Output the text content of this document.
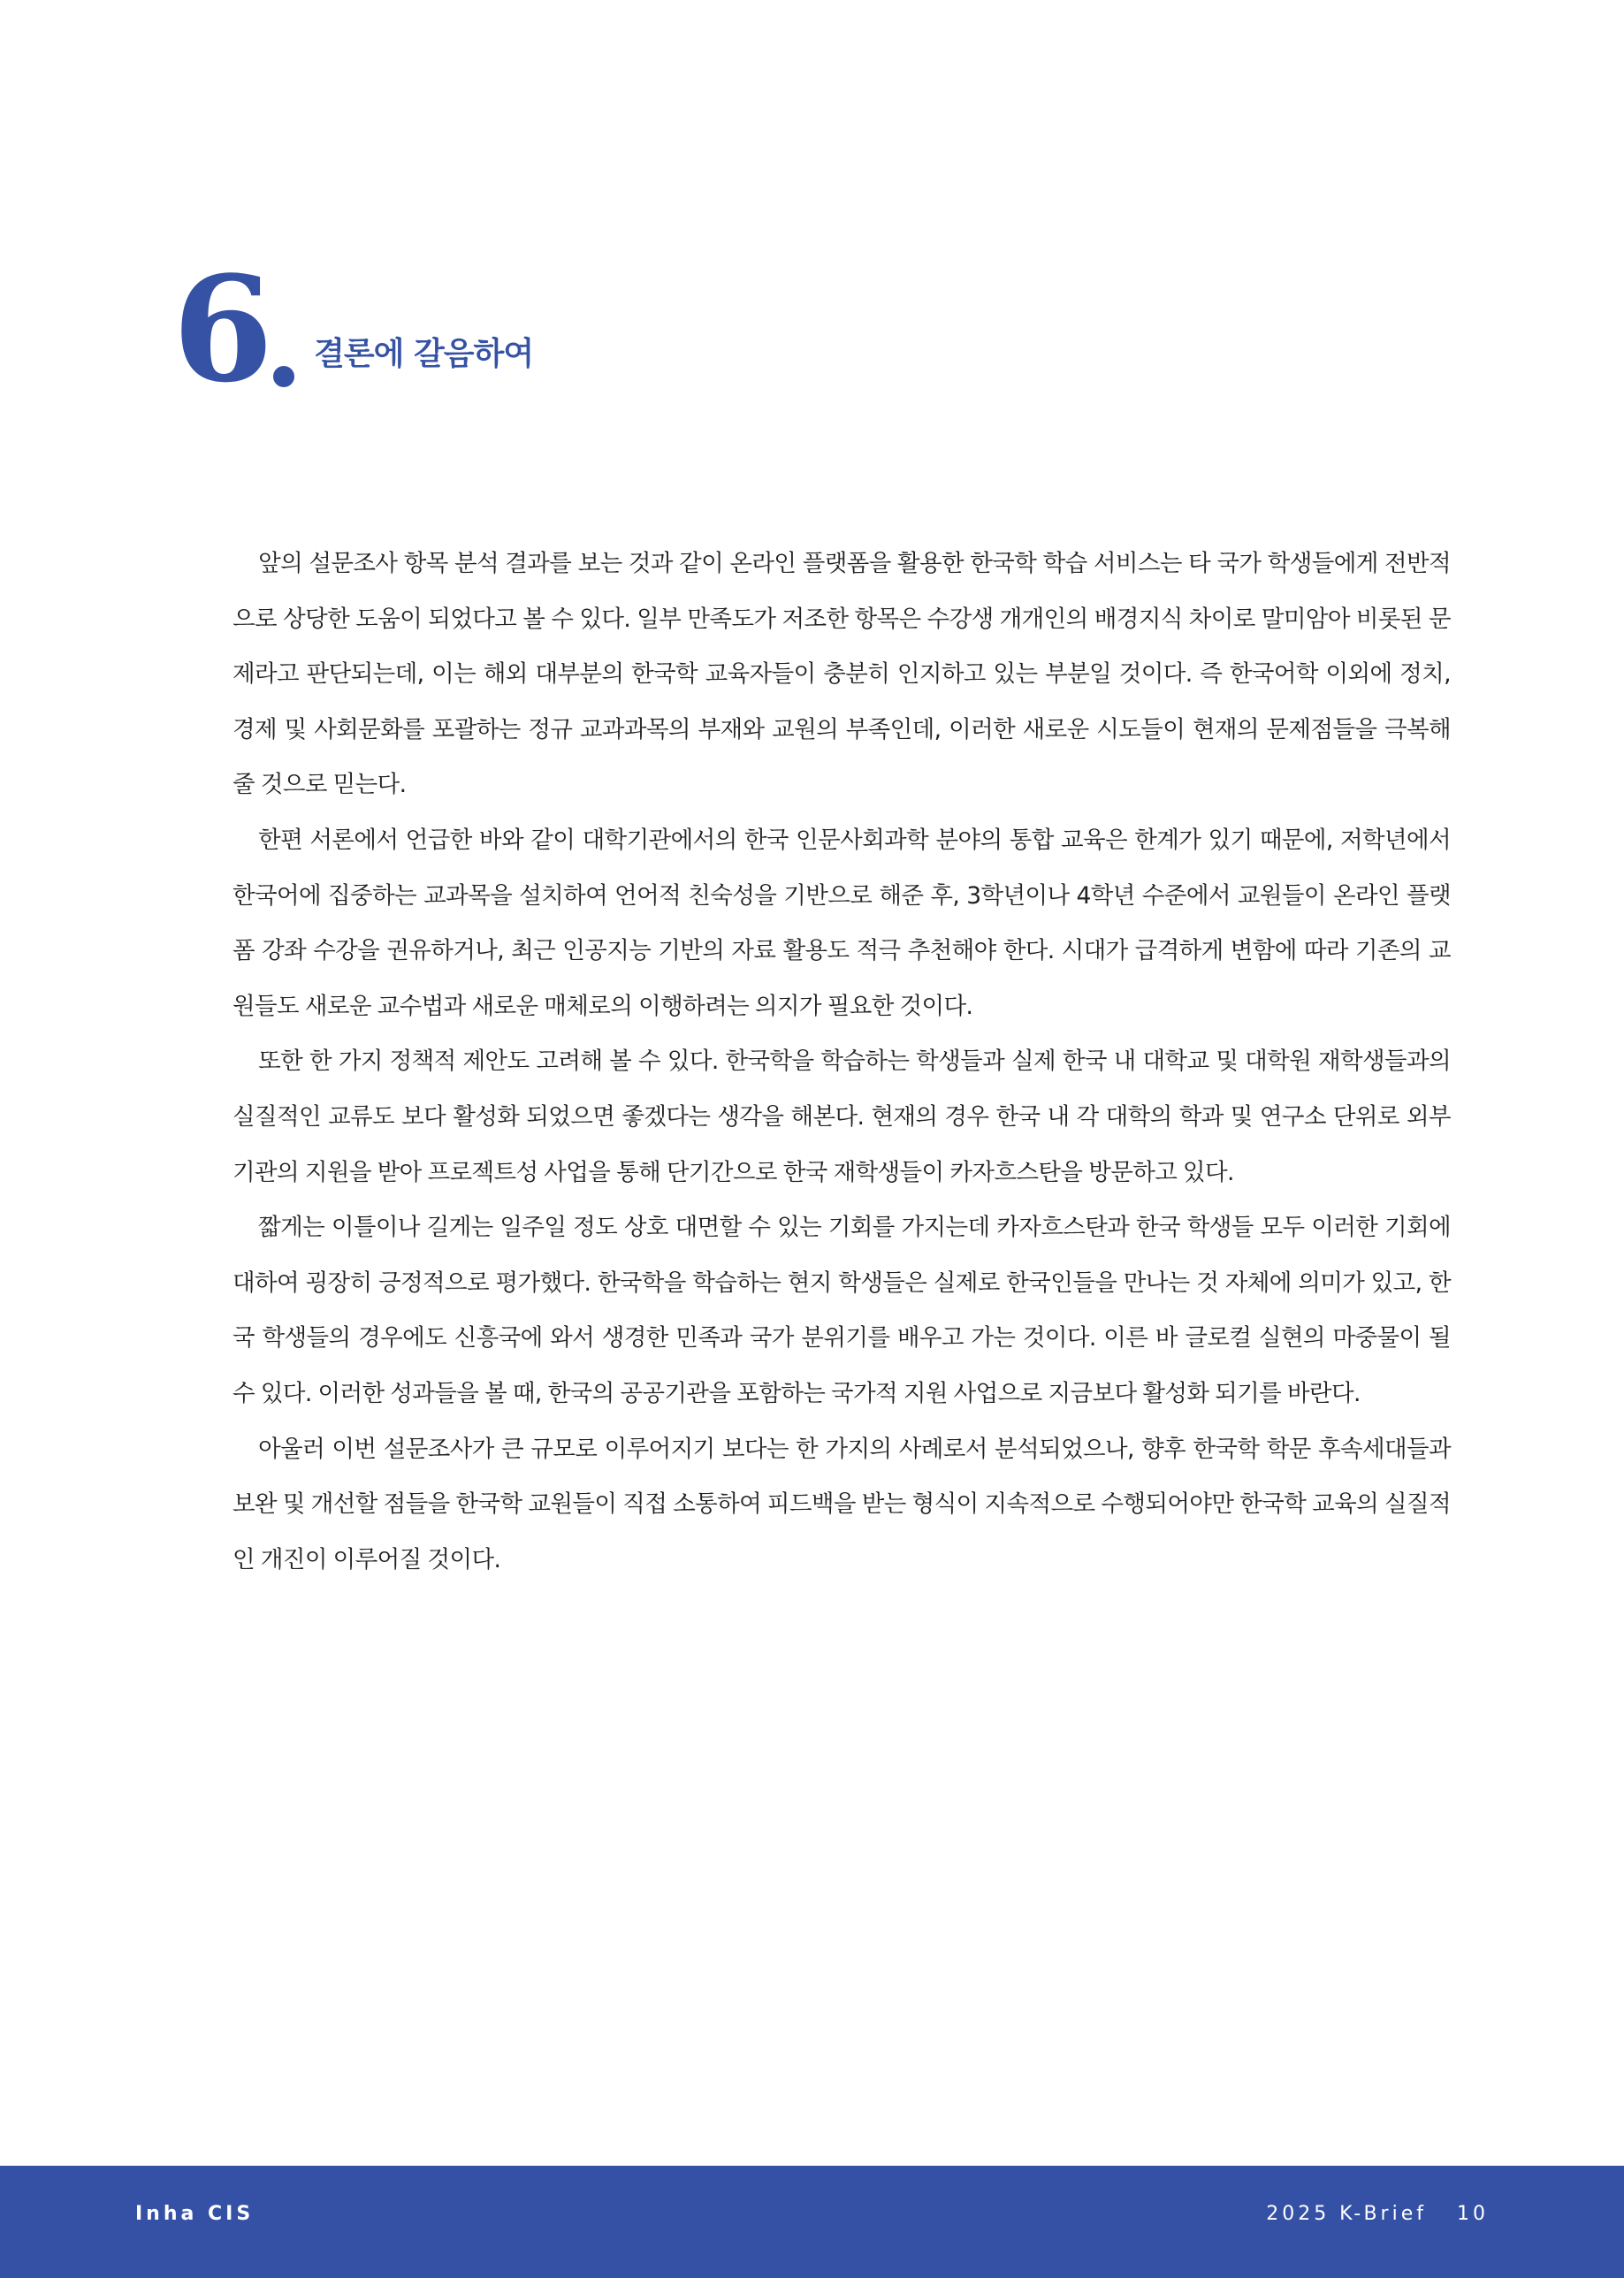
6 결론에 갈음하여

앞의 설문조사 항목 분석 결과를 보는 것과 같이 온라인 플랫폼을 활용한 한국학 학습 서비스는 타 국가 학생들에게 전반적으로 상당한 도움이 되었다고 볼 수 있다. 일부 만족도가 저조한 항목은 수강생 개개인의 배경지식 차이로 말미암아 비롯된 문제라고 판단되는데, 이는 해외 대부분의 한국학 교육자들이 충분히 인지하고 있는 부분일 것이다. 즉 한국어학 이외에 정치, 경제 및 사회문화를 포괄하는 정규 교과과목의 부재와 교원의 부족인데, 이러한 새로운 시도들이 현재의 문제점들을 극복해 줄 것으로 믿는다.

한편 서론에서 언급한 바와 같이 대학기관에서의 한국 인문사회과학 분야의 통합 교육은 한계가 있기 때문에, 저학년에서 한국어에 집중하는 교과목을 설치하여 언어적 친숙성을 기반으로 해준 후, 3학년이나 4학년 수준에서 교원들이 온라인 플랫폼 강좌 수강을 권유하거나, 최근 인공지능 기반의 자료 활용도 적극 추천해야 한다. 시대가 급격하게 변함에 따라 기존의 교원들도 새로운 교수법과 새로운 매체로의 이행하려는 의지가 필요한 것이다.

또한 한 가지 정책적 제안도 고려해 볼 수 있다. 한국학을 학습하는 학생들과 실제 한국 내 대학교 및 대학원 재학생들과의 실질적인 교류도 보다 활성화 되었으면 좋겠다는 생각을 해본다. 현재의 경우 한국 내 각 대학의 학과 및 연구소 단위로 외부 기관의 지원을 받아 프로젝트성 사업을 통해 단기간으로 한국 재학생들이 카자흐스탄을 방문하고 있다.

짧게는 이틀이나 길게는 일주일 정도 상호 대면할 수 있는 기회를 가지는데 카자흐스탄과 한국 학생들 모두 이러한 기회에 대하여 굉장히 긍정적으로 평가했다. 한국학을 학습하는 현지 학생들은 실제로 한국인들을 만나는 것 자체에 의미가 있고, 한국 학생들의 경우에도 신흥국에 와서 생경한 민족과 국가 분위기를 배우고 가는 것이다. 이른 바 글로컬 실현의 마중물이 될 수 있다. 이러한 성과들을 볼 때, 한국의 공공기관을 포함하는 국가적 지원 사업으로 지금보다 활성화 되기를 바란다.

아울러 이번 설문조사가 큰 규모로 이루어지기 보다는 한 가지의 사례로서 분석되었으나, 향후 한국학 학문 후속세대들과 보완 및 개선할 점들을 한국학 교원들이 직접 소통하여 피드백을 받는 형식이 지속적으로 수행되어야만 한국학 교육의 실질적인 개진이 이루어질 것이다.

Inha CIS	2025 K-Brief 10
